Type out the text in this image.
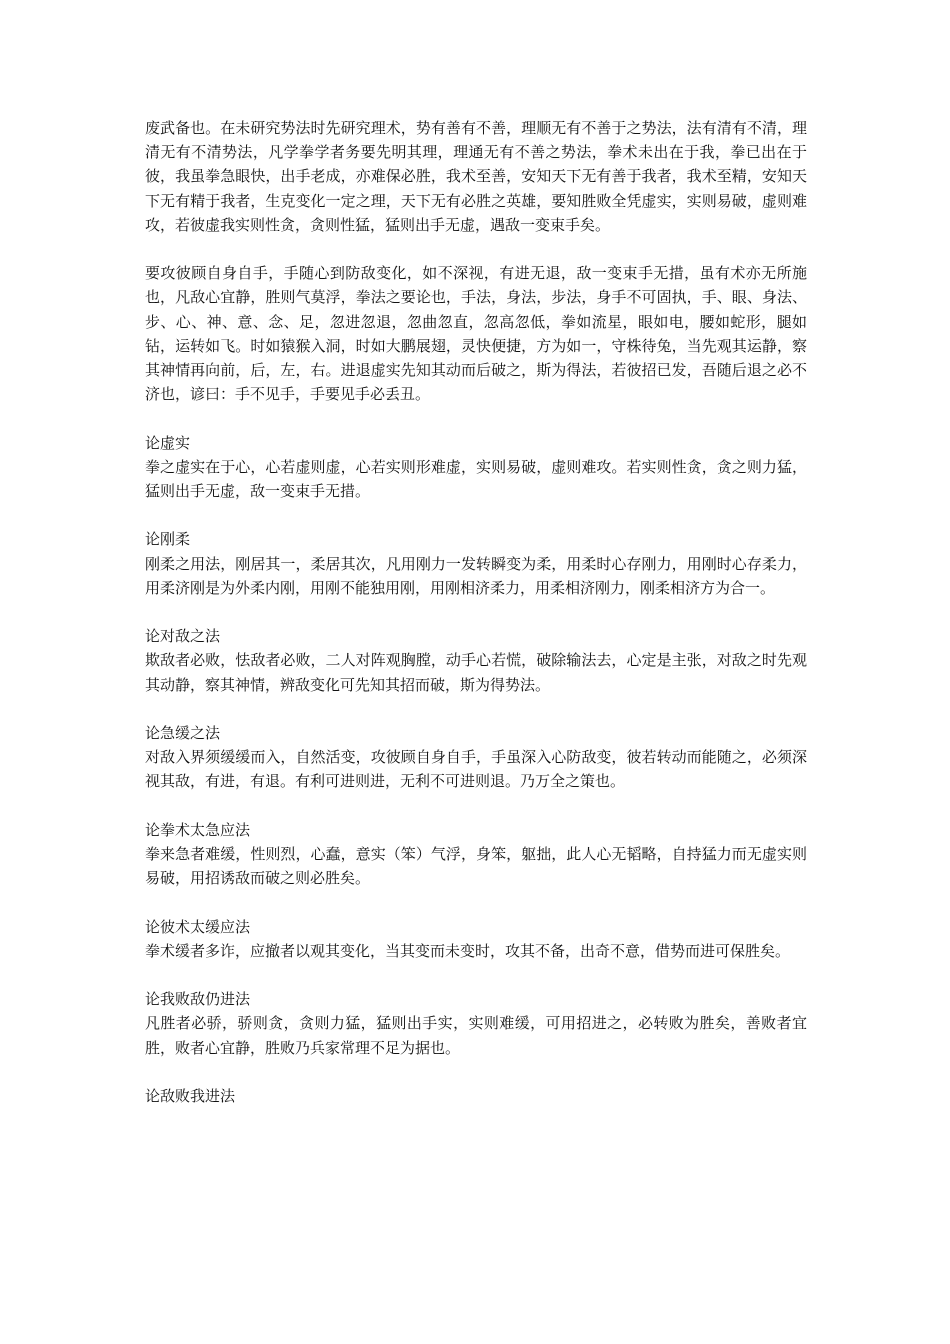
废武备也。在未研究势法时先研究理术，势有善有不善，理顺无有不善于之势法，法有清有不清，理清无有不清势法，凡学拳学者务要先明其理，理通无有不善之势法，拳术未出在于我，拳已出在于彼，我虽拳急眼快，出手老成，亦难保必胜，我术至善，安知天下无有善于我者，我术至精，安知天下无有精于我者，生克变化一定之理，天下无有必胜之英雄，要知胜败全凭虚实，实则易破，虚则难攻，若彼虚我实则性贪，贪则性猛，猛则出手无虚，遇敌一变束手矣。

要攻彼顾自身自手，手随心到防敌变化，如不深视，有进无退，敌一变束手无措，虽有术亦无所施也，凡敌心宜静，胜则气莫浮，拳法之要论也，手法，身法，步法，身手不可固执，手、眼、身法、步、心、神、意、念、足，忽进忽退，忽曲忽直，忽高忽低，拳如流星，眼如电，腰如蛇形，腿如钻，运转如飞。时如猿猴入洞，时如大鹏展翅，灵快便捷，方为如一，守株待兔，当先观其运静，察其神情再向前，后，左，右。进退虚实先知其动而后破之，斯为得法，若彼招已发，吾随后退之必不济也，谚曰：手不见手，手要见手必丢丑。

论虚实

拳之虚实在于心，心若虚则虚，心若实则形难虚，实则易破，虚则难攻。若实则性贪，贪之则力猛，猛则出手无虚，敌一变束手无措。

论刚柔

刚柔之用法，刚居其一，柔居其次，凡用刚力一发转瞬变为柔，用柔时心存刚力，用刚时心存柔力，用柔济刚是为外柔内刚，用刚不能独用刚，用刚相济柔力，用柔相济刚力，刚柔相济方为合一。

论对敌之法

欺敌者必败，怯敌者必败，二人对阵观胸膛，动手心若慌，破除输法去，心定是主张，对敌之时先观其动静，察其神情，辨敌变化可先知其招而破，斯为得势法。

论急缓之法

对敌入界须缓缓而入，自然活变，攻彼顾自身自手，手虽深入心防敌变，彼若转动而能随之，必须深视其敌，有进，有退。有利可进则进，无利不可进则退。乃万全之策也。

论拳术太急应法

拳来急者难缓，性则烈，心蠢，意实（笨）气浮，身笨，躯拙，此人心无韬略，自持猛力而无虚实则易破，用招诱敌而破之则必胜矣。

论彼术太缓应法

拳术缓者多诈，应撤者以观其变化，当其变而未变时，攻其不备，出奇不意，借势而进可保胜矣。

论我败敌仍进法

凡胜者必骄，骄则贪，贪则力猛，猛则出手实，实则难缓，可用招进之，必转败为胜矣，善败者宜胜，败者心宜静，胜败乃兵家常理不足为据也。

论敌败我进法
